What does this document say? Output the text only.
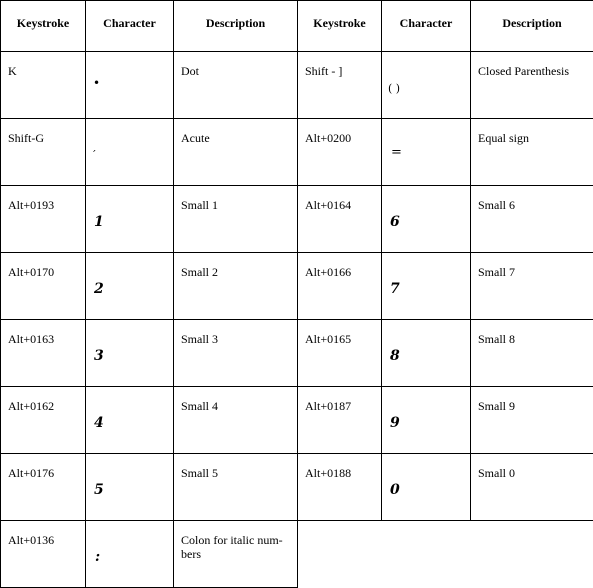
Keystroke	Character	Description	Keystroke	Character	Description

K	•	Dot	Shift - ]	( )	Closed Parenthesis

Shift-G	´	Acute	Alt+0200	=	Equal sign

Alt+0193	1	Small 1	Alt+0164	6	Small 6

Alt+0170	2	Small 2	Alt+0166	7	Small 7

Alt+0163	3	Small 3	Alt+0165	8	Small 8

Alt+0162	4	Small 4	Alt+0187	9	Small 9

Alt+0176	5	Small 5	Alt+0188	0	Small 0

Alt+0136	:	Colon for italic num-bers			
